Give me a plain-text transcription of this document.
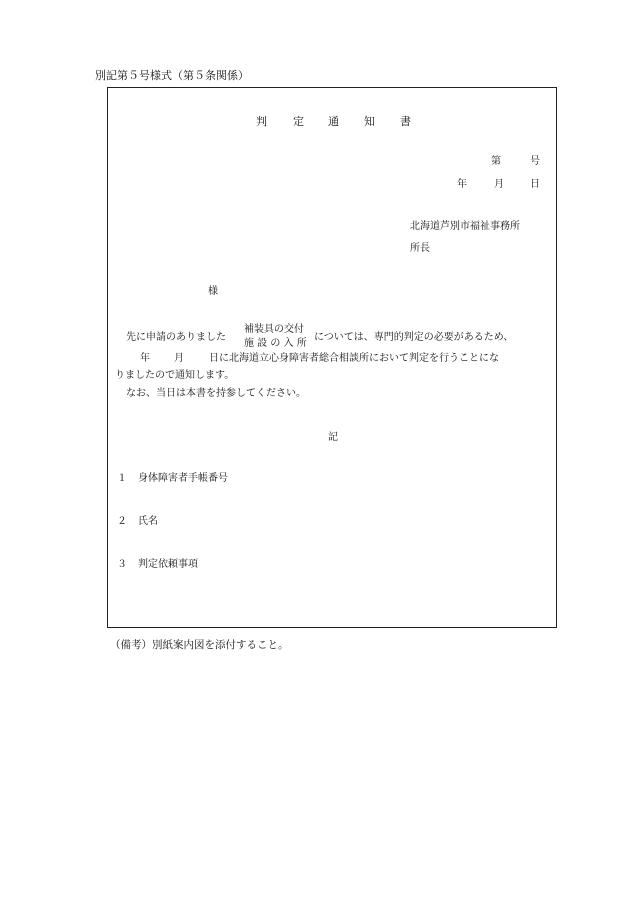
別記第５号様式（第５条関係）
判 定 通 知 書
第	号
年	月	日
北海道芦別市福祉事務所
所長
様
先に申請のありました
補装具の交付
施 設 の 入 所
については、専門的判定の必要があるため、
年 月	日に北海道立心身障害者総合相談所において判定を行うことにな
りましたので通知します。
なお、当日は本書を持参してください。
記
１ 身体障害者手帳番号
２ 氏名
３ 判定依頼事項
（備考）別紙案内図を添付すること。
